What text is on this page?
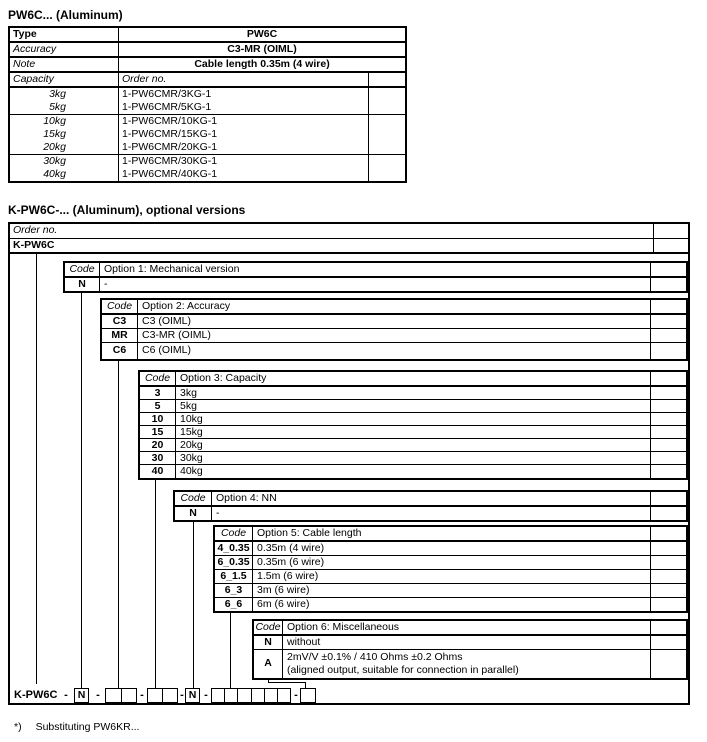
PW6C... (Aluminum)
Type	PW6C
Accuracy	C3-MR (OIML)
Note	Cable length 0.35m (4 wire)
Capacity	Order no.
3kg	1-PW6CMR/3KG-1
5kg	1-PW6CMR/5KG-1
10kg	1-PW6CMR/10KG-1
15kg	1-PW6CMR/15KG-1
20kg	1-PW6CMR/20KG-1
30kg	1-PW6CMR/30KG-1
40kg	1-PW6CMR/40KG-1
K-PW6C-... (Aluminum), optional versions
Order no.
K-PW6C
Code Option 1: Mechanical version
N	-
Code Option 2: Accuracy
C3	C3 (OIML)
MR	C3-MR (OIML)
C6	C6 (OIML)
Code Option 3: Capacity
3	3kg
5	5kg
10	10kg
15	15kg
20	20kg
30	30kg
40	40kg
Code Option 4: NN
N	-
Code	Option 5: Cable length
4_0.35 0.35m (4 wire)
6_0.35 0.35m (6 wire)
6_1.5 1.5m (6 wire)
6_3	3m (6 wire)
6_6	6m (6 wire)
Code Option 6: Miscellaneous
N	without
A	2mV/V ±0.1% / 410 Ohms ±0.2 Ohms
(aligned output, suitable for connection in parallel)
K-PW6C - N -	-	- N -	-
*) Substituting PW6KR...
